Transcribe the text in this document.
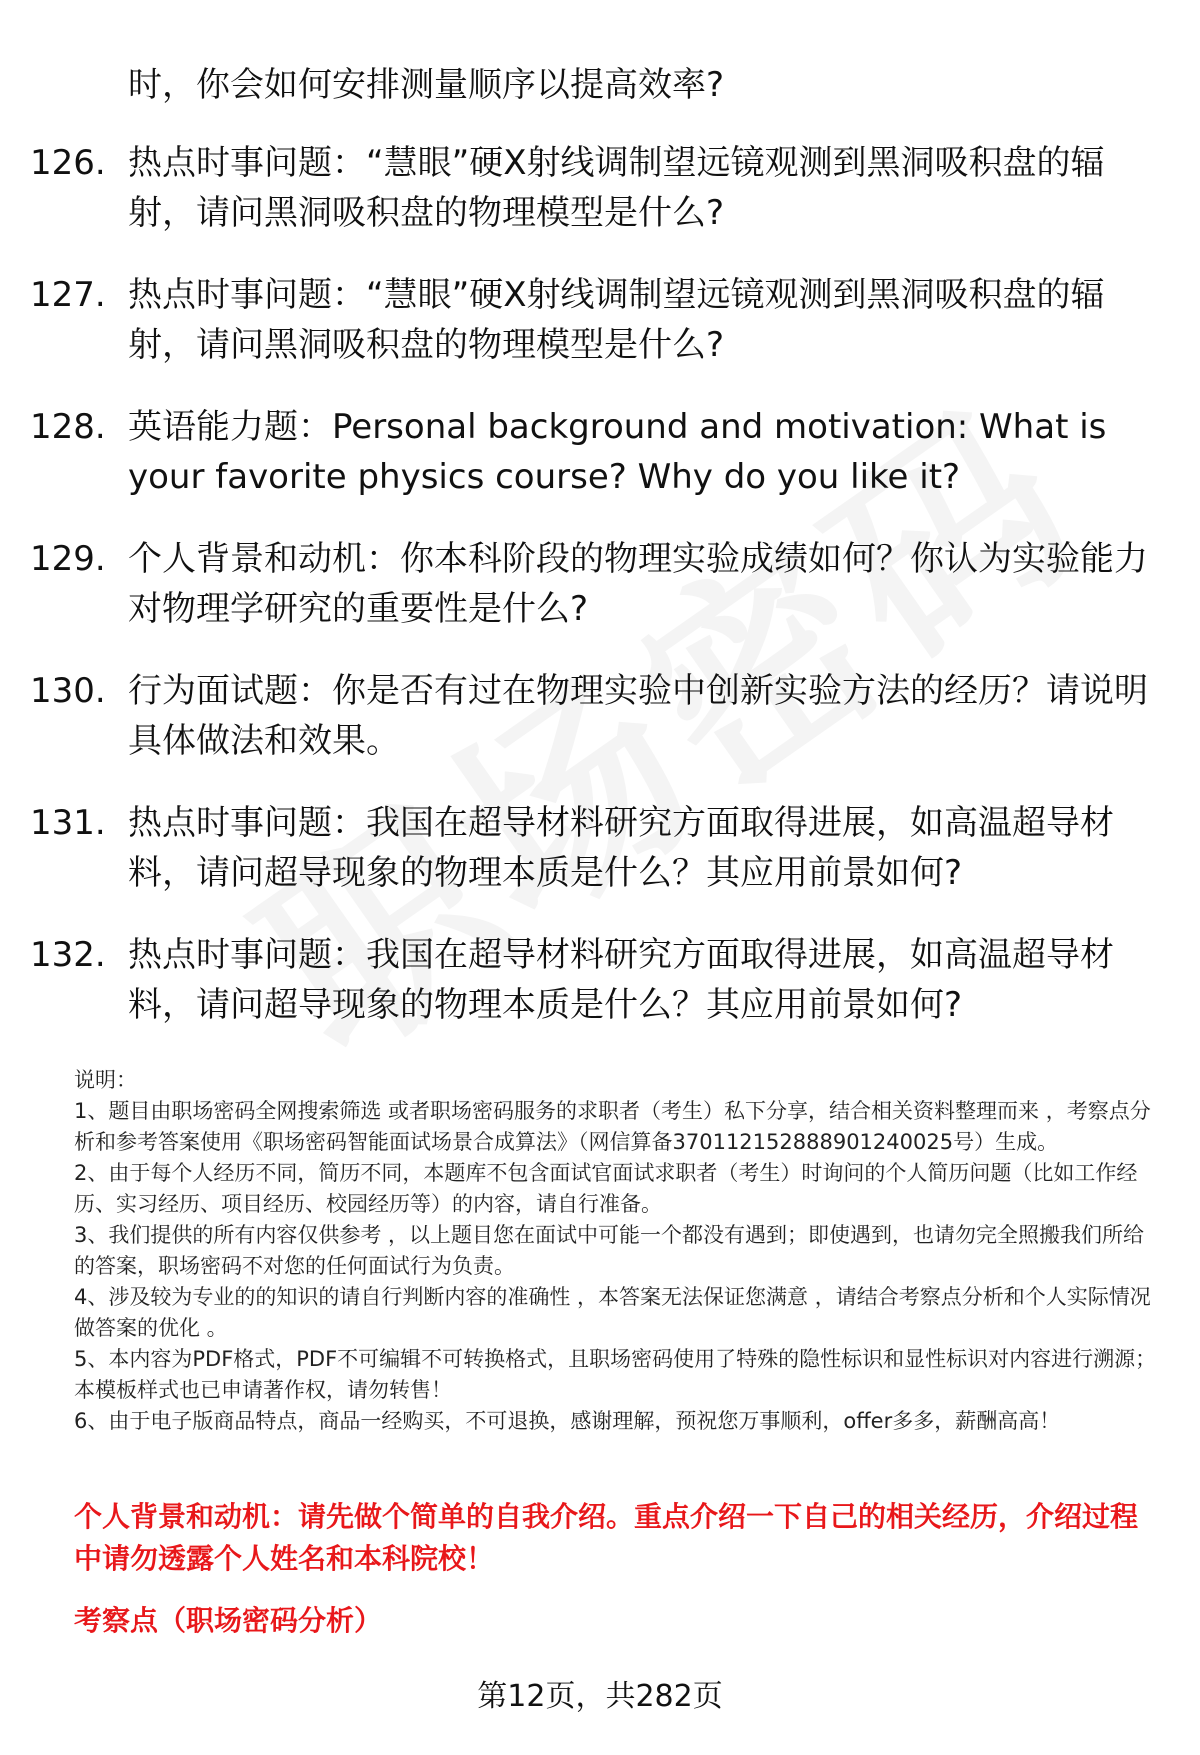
时，你会如何安排测量顺序以提高效率?
126. 热点时事问题：“慧眼”硬X射线调制望远镜观测到黑洞吸积盘的辐射，请问黑洞吸积盘的物理模型是什么?
127. 热点时事问题：“慧眼”硬X射线调制望远镜观测到黑洞吸积盘的辐射，请问黑洞吸积盘的物理模型是什么?
128. 英语能力题：Personal background and motivation: What is your favorite physics course? Why do you like it?
129. 个人背景和动机：你本科阶段的物理实验成绩如何？你认为实验能力对物理学研究的重要性是什么?
130. 行为面试题：你是否有过在物理实验中创新实验方法的经历？请说明具体做法和效果。
131. 热点时事问题：我国在超导材料研究方面取得进展，如高温超导材料，请问超导现象的物理本质是什么？其应用前景如何?
132. 热点时事问题：我国在超导材料研究方面取得进展，如高温超导材料，请问超导现象的物理本质是什么？其应用前景如何?

说明：

1、题目由职场密码全网搜索筛选 或者职场密码服务的求职者（考生）私下分享，结合相关资料整理而来 ，考察点分析和参考答案使用《职场密码智能面试场景合成算法》（网信算备370112152888901240025号）生成。

2、由于每个人经历不同，简历不同，本题库不包含面试官面试求职者（考生）时询问的个人简历问题（比如工作经历、实习经历、项目经历、校园经历等）的内容，请自行准备。

3、我们提供的所有内容仅供参考 ，以上题目您在面试中可能一个都没有遇到；即使遇到，也请勿完全照搬我们所给的答案，职场密码不对您的任何面试行为负责。

4、涉及较为专业的的知识的请自行判断内容的准确性 ，本答案无法保证您满意 ，请结合考察点分析和个人实际情况做答案的优化 。

5、本内容为PDF格式，PDF不可编辑不可转换格式，且职场密码使用了特殊的隐性标识和显性标识对内容进行溯源；本模板样式也已申请著作权，请勿转售！

6、由于电子版商品特点，商品一经购买，不可退换，感谢理解，预祝您万事顺利，offer多多，薪酬高高！

个人背景和动机：请先做个简单的自我介绍。重点介绍一下自己的相关经历，介绍过程中请勿透露个人姓名和本科院校！
考察点（职场密码分析）
第12页，共282页
